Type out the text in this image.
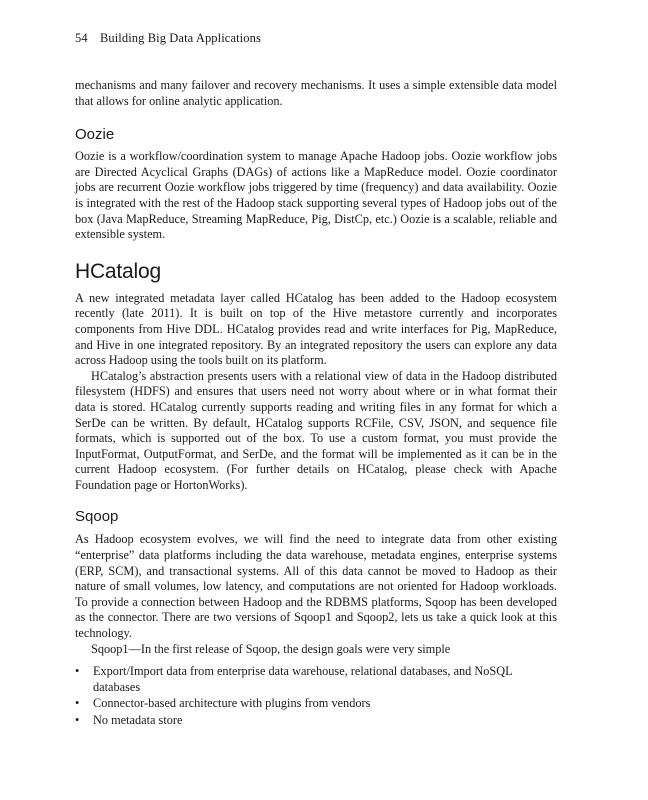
54 Building Big Data Applications

mechanisms and many failover and recovery mechanisms. It uses a simple extensible data model that allows for online analytic application.

Oozie

Oozie is a workflow/coordination system to manage Apache Hadoop jobs. Oozie workflow jobs are Directed Acyclical Graphs (DAGs) of actions like a MapReduce model. Oozie coordinator jobs are recurrent Oozie workflow jobs triggered by time (frequency) and data availability. Oozie is integrated with the rest of the Hadoop stack supporting several types of Hadoop jobs out of the box (Java MapReduce, Streaming MapReduce, Pig, DistCp, etc.) Oozie is a scalable, reliable and extensible system.

HCatalog

A new integrated metadata layer called HCatalog has been added to the Hadoop ecosystem recently (late 2011). It is built on top of the Hive metastore currently and incorporates components from Hive DDL. HCatalog provides read and write interfaces for Pig, MapReduce, and Hive in one integrated repository. By an integrated repository the users can explore any data across Hadoop using the tools built on its platform.

HCatalog’s abstraction presents users with a relational view of data in the Hadoop distributed filesystem (HDFS) and ensures that users need not worry about where or in what format their data is stored. HCatalog currently supports reading and writing files in any format for which a SerDe can be written. By default, HCatalog supports RCFile, CSV, JSON, and sequence file formats, which is supported out of the box. To use a custom format, you must provide the InputFormat, OutputFormat, and SerDe, and the format will be implemented as it can be in the current Hadoop ecosystem. (For further details on HCatalog, please check with Apache Foundation page or HortonWorks).

Sqoop

As Hadoop ecosystem evolves, we will find the need to integrate data from other existing “enterprise” data platforms including the data warehouse, metadata engines, enterprise systems (ERP, SCM), and transactional systems. All of this data cannot be moved to Hadoop as their nature of small volumes, low latency, and computations are not oriented for Hadoop workloads. To provide a connection between Hadoop and the RDBMS platforms, Sqoop has been developed as the connector. There are two versions of Sqoop1 and Sqoop2, lets us take a quick look at this technology.

Sqoop1—In the first release of Sqoop, the design goals were very simple

• Export/Import data from enterprise data warehouse, relational databases, and NoSQL databases
• Connector-based architecture with plugins from vendors
• No metadata store
